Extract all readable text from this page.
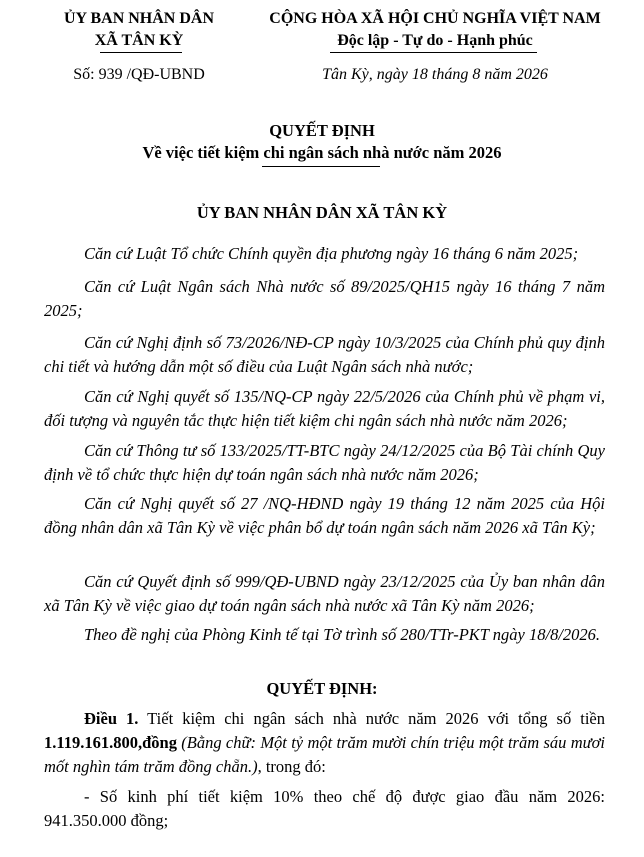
ỦY BAN NHÂN DÂN
XÃ TÂN KỲ
Số: 939 /QĐ-UBND
CỘNG HÒA XÃ HỘI CHỦ NGHĨA VIỆT NAM
Độc lập - Tự do - Hạnh phúc
Tân Kỳ, ngày 18 tháng 8 năm 2026
QUYẾT ĐỊNH
Về việc tiết kiệm chi ngân sách nhà nước năm 2026
ỦY BAN NHÂN DÂN XÃ TÂN KỲ
Căn cứ Luật Tổ chức Chính quyền địa phương ngày 16 tháng 6 năm 2025;
Căn cứ Luật Ngân sách Nhà nước số 89/2025/QH15 ngày 16 tháng 7 năm 2025;
Căn cứ Nghị định số 73/2026/NĐ-CP ngày 10/3/2025 của Chính phủ quy định chi tiết và hướng dẫn một số điều của Luật Ngân sách nhà nước;
Căn cứ Nghị quyết số 135/NQ-CP ngày 22/5/2026 của Chính phủ về phạm vi, đối tượng và nguyên tắc thực hiện tiết kiệm chi ngân sách nhà nước năm 2026;
Căn cứ Thông tư số 133/2025/TT-BTC ngày 24/12/2025 của Bộ Tài chính Quy định về tổ chức thực hiện dự toán ngân sách nhà nước năm 2026;
Căn cứ Nghị quyết số 27 /NQ-HĐND ngày 19 tháng 12 năm 2025 của Hội đồng nhân dân xã Tân Kỳ về việc phân bổ dự toán ngân sách năm 2026 xã Tân Kỳ;
Căn cứ Quyết định số 999/QĐ-UBND ngày 23/12/2025 của Ủy ban nhân dân xã Tân Kỳ về việc giao dự toán ngân sách nhà nước xã Tân Kỳ năm 2026;
Theo đề nghị của Phòng Kinh tế tại Tờ trình số 280/TTr-PKT ngày 18/8/2026.
QUYẾT ĐỊNH:
Điều 1. Tiết kiệm chi ngân sách nhà nước năm 2026 với tổng số tiền 1.119.161.800,đồng (Bằng chữ: Một tỷ một trăm mười chín triệu một trăm sáu mươi mốt nghìn tám trăm đồng chẵn.), trong đó:
- Số kinh phí tiết kiệm 10% theo chế độ được giao đầu năm 2026: 941.350.000 đồng;
